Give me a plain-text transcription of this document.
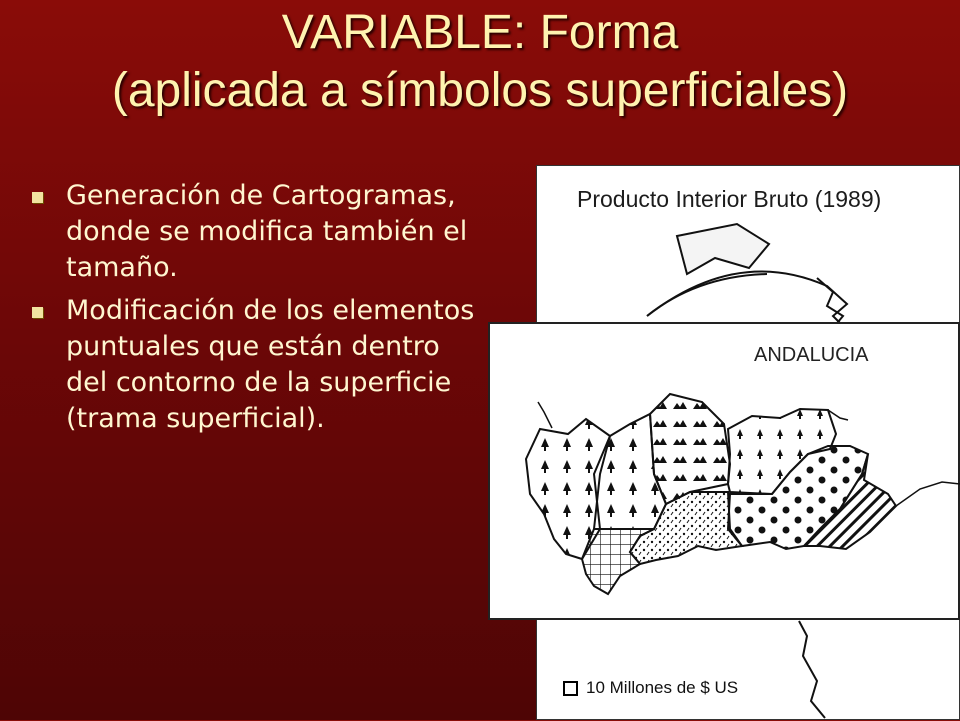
VARIABLE: Forma
(aplicada a símbolos superficiales)
Generación de Cartogramas, donde se modifica también el tamaño.
Modificación de los elementos puntuales que están dentro del contorno de la superficie (trama superficial).
Producto Interior Bruto (1989)
10 Millones de $ US
ANDALUCIA
